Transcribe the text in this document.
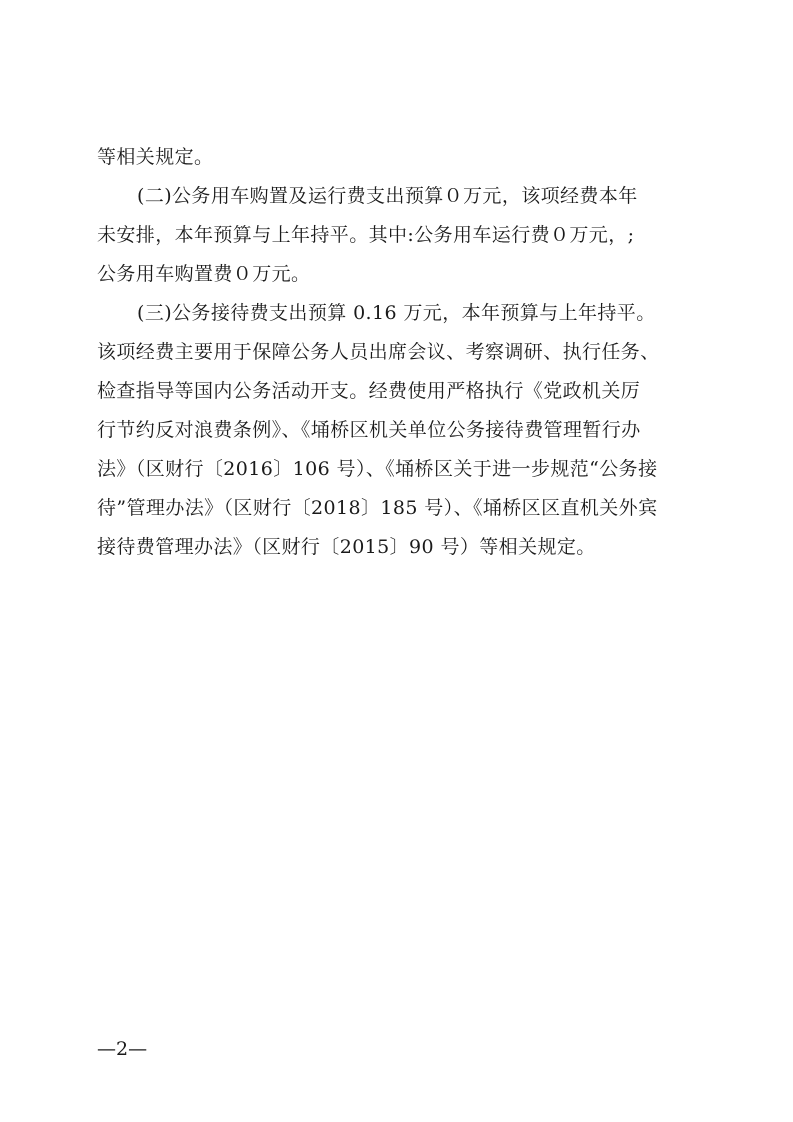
等相关规定。
(二)公务用车购置及运行费支出预算０万元，该项经费本年
未安排，本年预算与上年持平。其中:公务用车运行费０万元，;
公务用车购置费０万元。
(三)公务接待费支出预算 0.16 万元，本年预算与上年持平。
该项经费主要用于保障公务人员出席会议、考察调研、执行任务、
检查指导等国内公务活动开支。经费使用严格执行《党政机关厉
行节约反对浪费条例》、《埇桥区机关单位公务接待费管理暂行办
法》（区财行〔2016〕106 号）、《埇桥区关于进一步规范“公务接
待”管理办法》（区财行〔2018〕185 号）、《埇桥区区直机关外宾
接待费管理办法》（区财行〔2015〕90 号）等相关规定。
—2—
